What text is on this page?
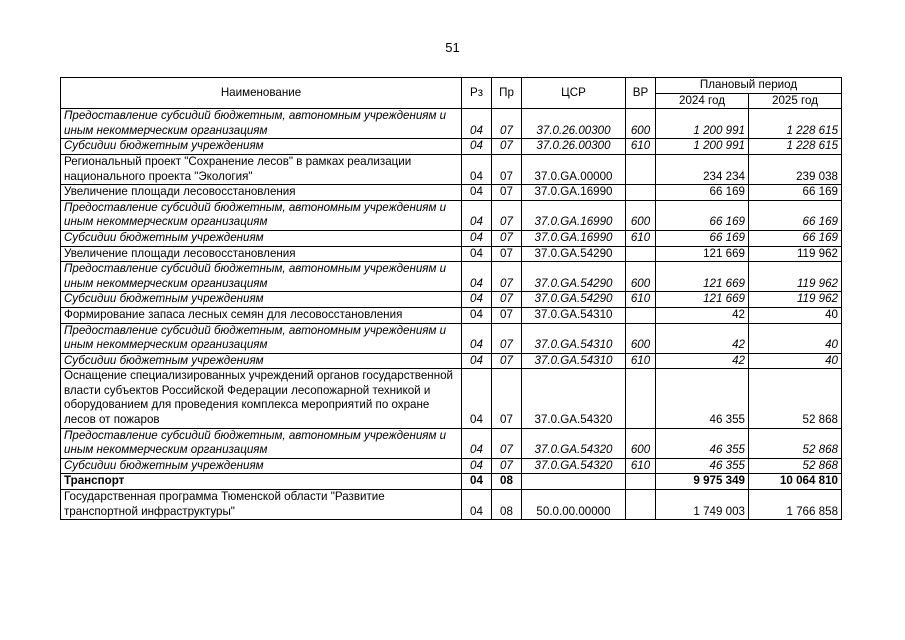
51
Наименование	Рз	Пр	ЦСР	ВР	Плановый период	
					2024 год	2025 год
Предоставление субсидий бюджетным, автономным учреждениям и иным некоммерческим организациям	04	07	37.0.26.00300	600	1 200 991	1 228 615
Субсидии бюджетным учреждениям	04	07	37.0.26.00300	610	1 200 991	1 228 615
Региональный проект "Сохранение лесов" в рамках реализации национального проекта "Экология"	04	07	37.0.GA.00000		234 234	239 038
Увеличение площади лесовосстановления	04	07	37.0.GA.16990		66 169	66 169
Предоставление субсидий бюджетным, автономным учреждениям и иным некоммерческим организациям	04	07	37.0.GA.16990	600	66 169	66 169
Субсидии бюджетным учреждениям	04	07	37.0.GA.16990	610	66 169	66 169
Увеличение площади лесовосстановления	04	07	37.0.GA.54290		121 669	119 962
Предоставление субсидий бюджетным, автономным учреждениям и иным некоммерческим организациям	04	07	37.0.GA.54290	600	121 669	119 962
Субсидии бюджетным учреждениям	04	07	37.0.GA.54290	610	121 669	119 962
Формирование запаса лесных семян для лесовосстановления	04	07	37.0.GA.54310		42	40
Предоставление субсидий бюджетным, автономным учреждениям и иным некоммерческим организациям	04	07	37.0.GA.54310	600	42	40
Субсидии бюджетным учреждениям	04	07	37.0.GA.54310	610	42	40
Оснащение специализированных учреждений органов государственной власти субъектов Российской Федерации лесопожарной техникой и оборудованием для проведения комплекса мероприятий по охране лесов от пожаров	04	07	37.0.GA.54320		46 355	52 868
Предоставление субсидий бюджетным, автономным учреждениям и иным некоммерческим организациям	04	07	37.0.GA.54320	600	46 355	52 868
Субсидии бюджетным учреждениям	04	07	37.0.GA.54320	610	46 355	52 868
Транспорт	04	08			9 975 349	10 064 810
Государственная программа Тюменской области "Развитие транспортной инфраструктуры"	04	08	50.0.00.00000		1 749 003	1 766 858
